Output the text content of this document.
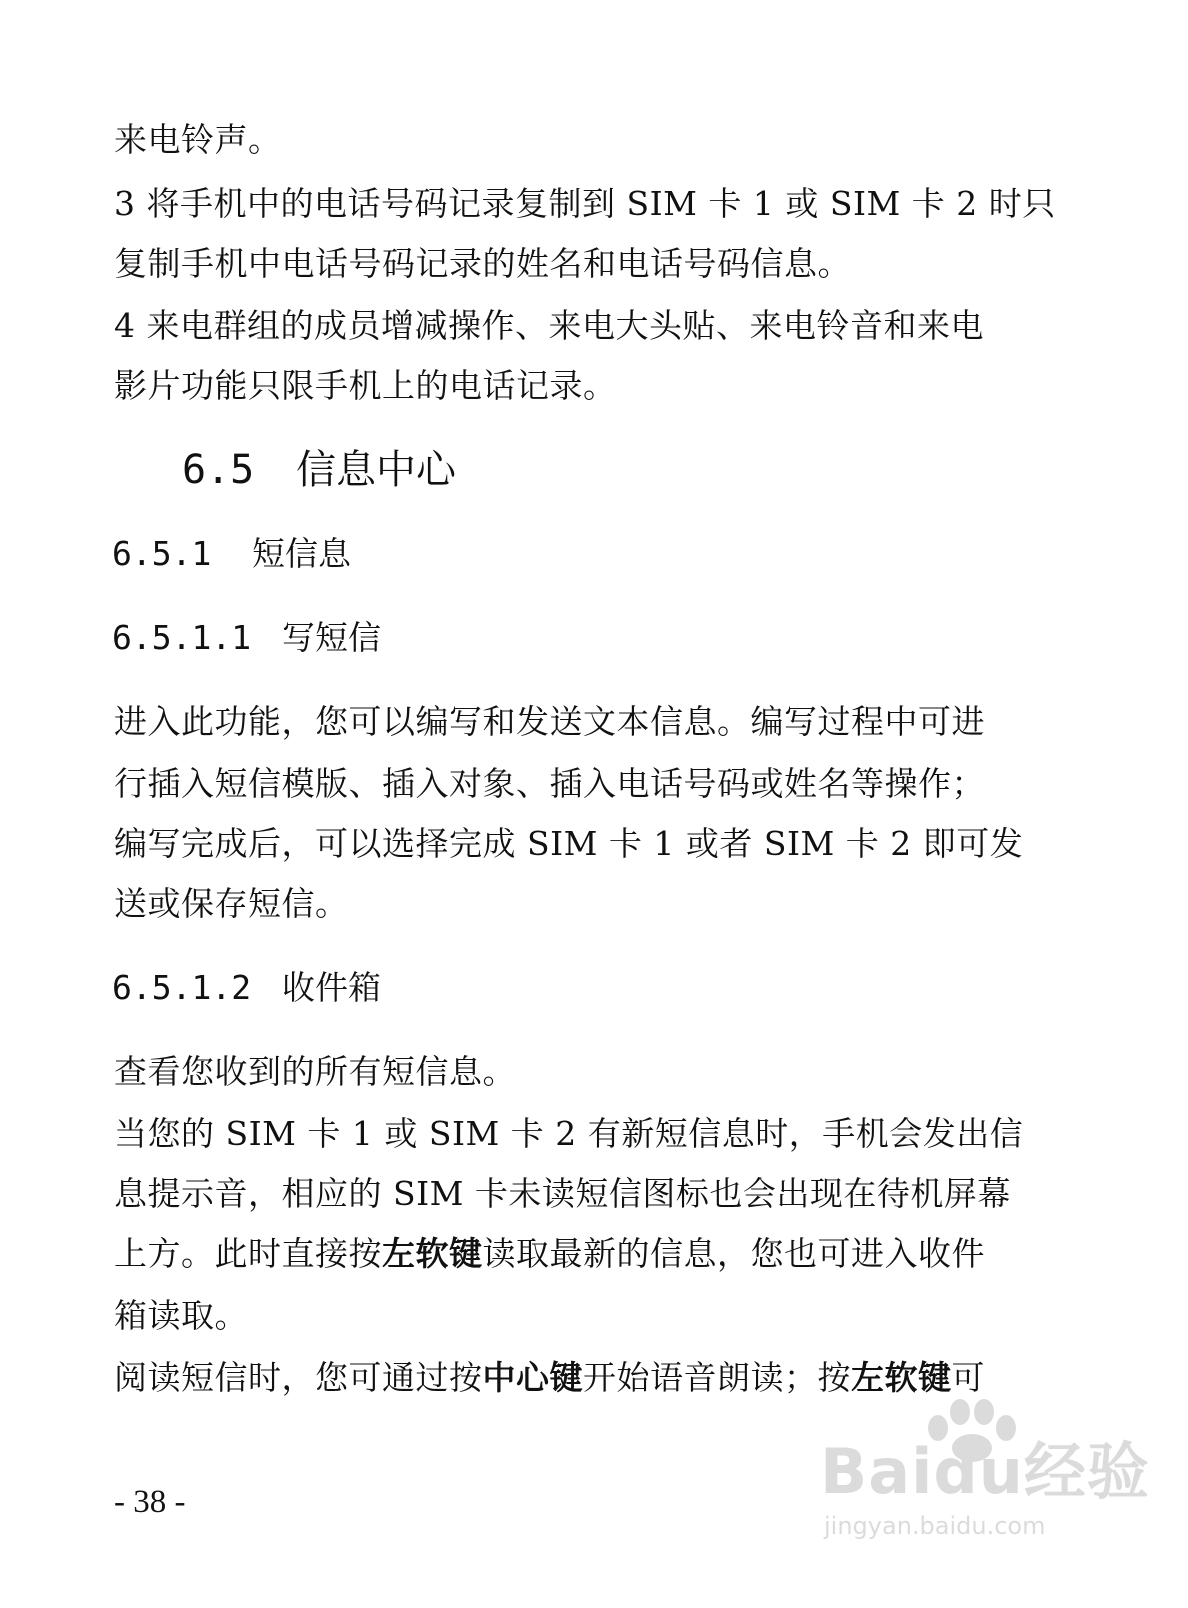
来电铃声。
3 将手机中的电话号码记录复制到 SIM 卡 1 或 SIM 卡 2 时只
复制手机中电话号码记录的姓名和电话号码信息。
4 来电群组的成员增减操作、来电大头贴、来电铃音和来电
影片功能只限手机上的电话记录。
6.5 信息中心
6.5.1 短信息
6.5.1.1 写短信
进入此功能，您可以编写和发送文本信息。编写过程中可进
行插入短信模版、插入对象、插入电话号码或姓名等操作；
编写完成后，可以选择完成 SIM 卡 1 或者 SIM 卡 2 即可发
送或保存短信。
6.5.1.2 收件箱
查看您收到的所有短信息。
当您的 SIM 卡 1 或 SIM 卡 2 有新短信息时，手机会发出信
息提示音，相应的 SIM 卡未读短信图标也会出现在待机屏幕
上方。此时直接按左软键读取最新的信息，您也可进入收件
箱读取。
阅读短信时，您可通过按中心键开始语音朗读；按左软键可
- 38 -	Baidu经验
jingyan.baidu.com
